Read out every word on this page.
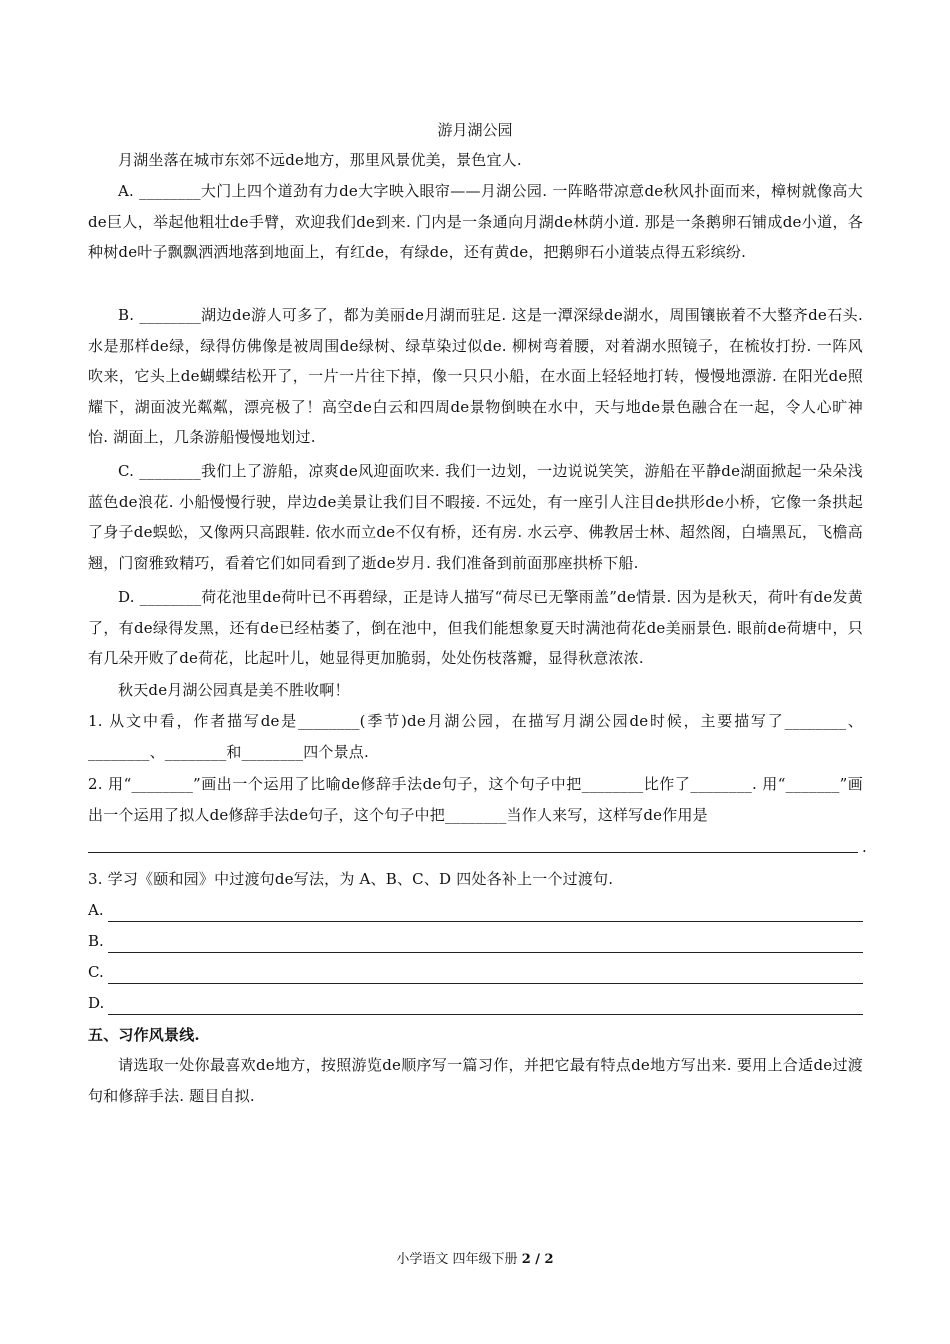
游月湖公园
月湖坐落在城市东郊不远de地方，那里风景优美，景色宜人.
A. ________大门上四个道劲有力de大字映入眼帘——月湖公园. 一阵略带凉意de秋风扑面而来，樟树就像高大de巨人，举起他粗壮de手臂，欢迎我们de到来. 门内是一条通向月湖de林荫小道. 那是一条鹅卵石铺成de小道，各种树de叶子飘飘洒洒地落到地面上，有红de，有绿de，还有黄de，把鹅卵石小道装点得五彩缤纷.
B. ________湖边de游人可多了，都为美丽de月湖而驻足. 这是一潭深绿de湖水，周围镶嵌着不大整齐de石头. 水是那样de绿，绿得仿佛像是被周围de绿树、绿草染过似de. 柳树弯着腰，对着湖水照镜子，在梳妆打扮. 一阵风吹来，它头上de蝴蝶结松开了，一片一片往下掉，像一只只小船，在水面上轻轻地打转，慢慢地漂游. 在阳光de照耀下，湖面波光粼粼，漂亮极了！高空de白云和四周de景物倒映在水中，天与地de景色融合在一起，令人心旷神怡. 湖面上，几条游船慢慢地划过.
C. ________我们上了游船，凉爽de风迎面吹来. 我们一边划，一边说说笑笑，游船在平静de湖面掀起一朵朵浅蓝色de浪花. 小船慢慢行驶，岸边de美景让我们目不暇接. 不远处，有一座引人注目de拱形de小桥，它像一条拱起了身子de蜈蚣，又像两只高跟鞋. 依水而立de不仅有桥，还有房. 水云亭、佛教居士林、超然阁，白墙黑瓦，飞檐高翘，门窗雅致精巧，看着它们如同看到了逝de岁月. 我们准备到前面那座拱桥下船.
D. ________荷花池里de荷叶已不再碧绿，正是诗人描写“荷尽已无擎雨盖”de情景. 因为是秋天，荷叶有de发黄了，有de绿得发黑，还有de已经枯萎了，倒在池中，但我们能想象夏天时满池荷花de美丽景色. 眼前de荷塘中，只有几朵开败了de荷花，比起叶儿，她显得更加脆弱，处处伤枝落瓣，显得秋意浓浓.
秋天de月湖公园真是美不胜收啊！
1. 从文中看，作者描写de是________(季节)de月湖公园，在描写月湖公园de时候，主要描写了________、________、________和________四个景点.
2. 用“________”画出一个运用了比喻de修辞手法de句子，这个句子中把________比作了________. 用“_______”画出一个运用了拟人de修辞手法de句子，这个句子中把________当作人来写，这样写de作用是
.
3. 学习《颐和园》中过渡句de写法，为 A、B、C、D 四处各补上一个过渡句.
A.
B.
C.
D.
五、习作风景线.
请选取一处你最喜欢de地方，按照游览de顺序写一篇习作，并把它最有特点de地方写出来. 要用上合适de过渡句和修辞手法. 题目自拟.
小学语文 四年级下册 2 / 2
